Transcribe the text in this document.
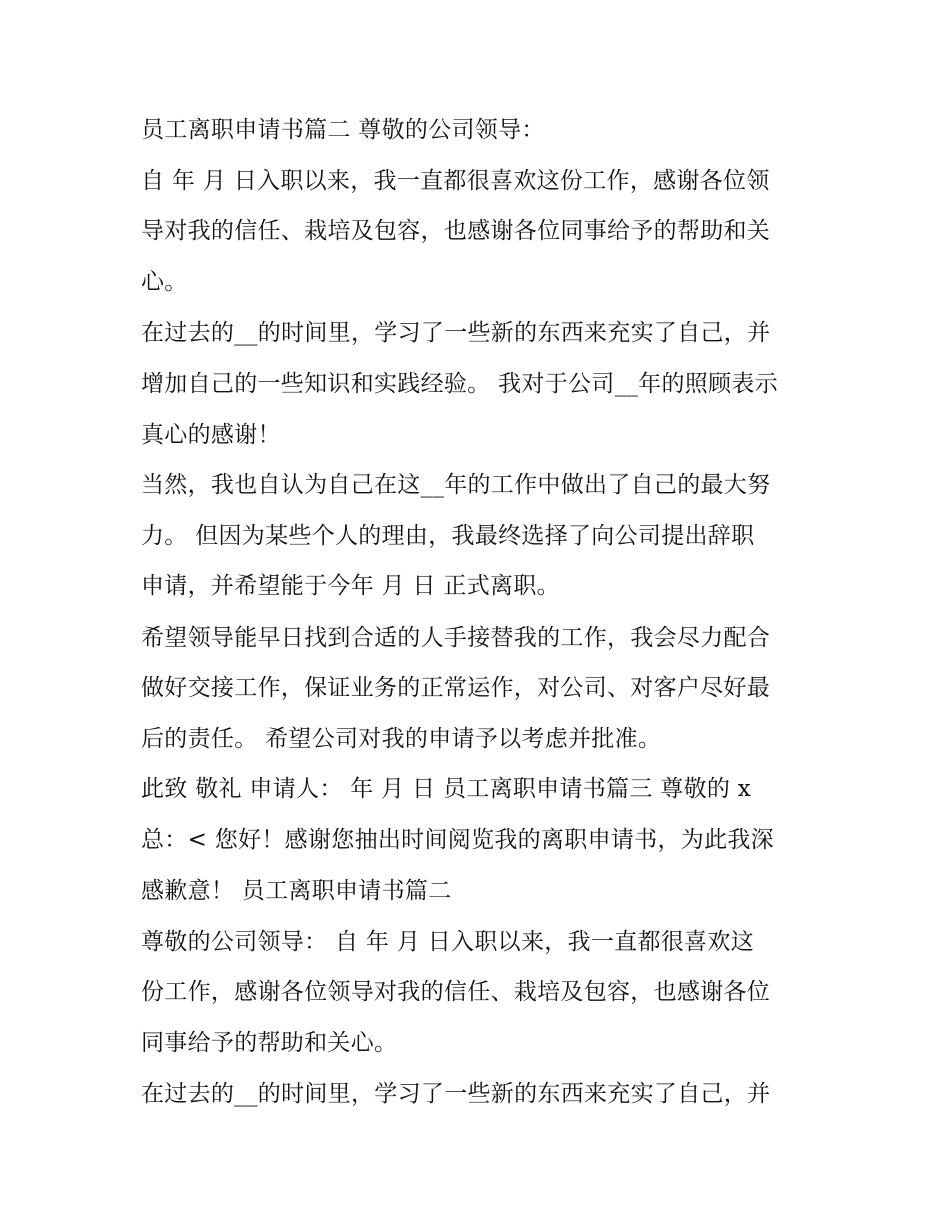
员工离职申请书篇二 尊敬的公司领导：
自 年 月 日入职以来，我一直都很喜欢这份工作，感谢各位领
导对我的信任、栽培及包容，也感谢各位同事给予的帮助和关
心。
在过去的__的时间里，学习了一些新的东西来充实了自己，并
增加自己的一些知识和实践经验。 我对于公司__年的照顾表示
真心的感谢！
当然，我也自认为自己在这__年的工作中做出了自己的最大努
力。 但因为某些个人的理由，我最终选择了向公司提出辞职
申请，并希望能于今年 月 日 正式离职。
希望领导能早日找到合适的人手接替我的工作，我会尽力配合
做好交接工作，保证业务的正常运作，对公司、对客户尽好最
后的责任。 希望公司对我的申请予以考虑并批准。
此致 敬礼 申请人： 年 月 日 员工离职申请书篇三 尊敬的 x
总：< 您好！感谢您抽出时间阅览我的离职申请书，为此我深
感歉意！ 员工离职申请书篇二
尊敬的公司领导： 自 年 月 日入职以来，我一直都很喜欢这
份工作，感谢各位领导对我的信任、栽培及包容，也感谢各位
同事给予的帮助和关心。
在过去的__的时间里，学习了一些新的东西来充实了自己，并
